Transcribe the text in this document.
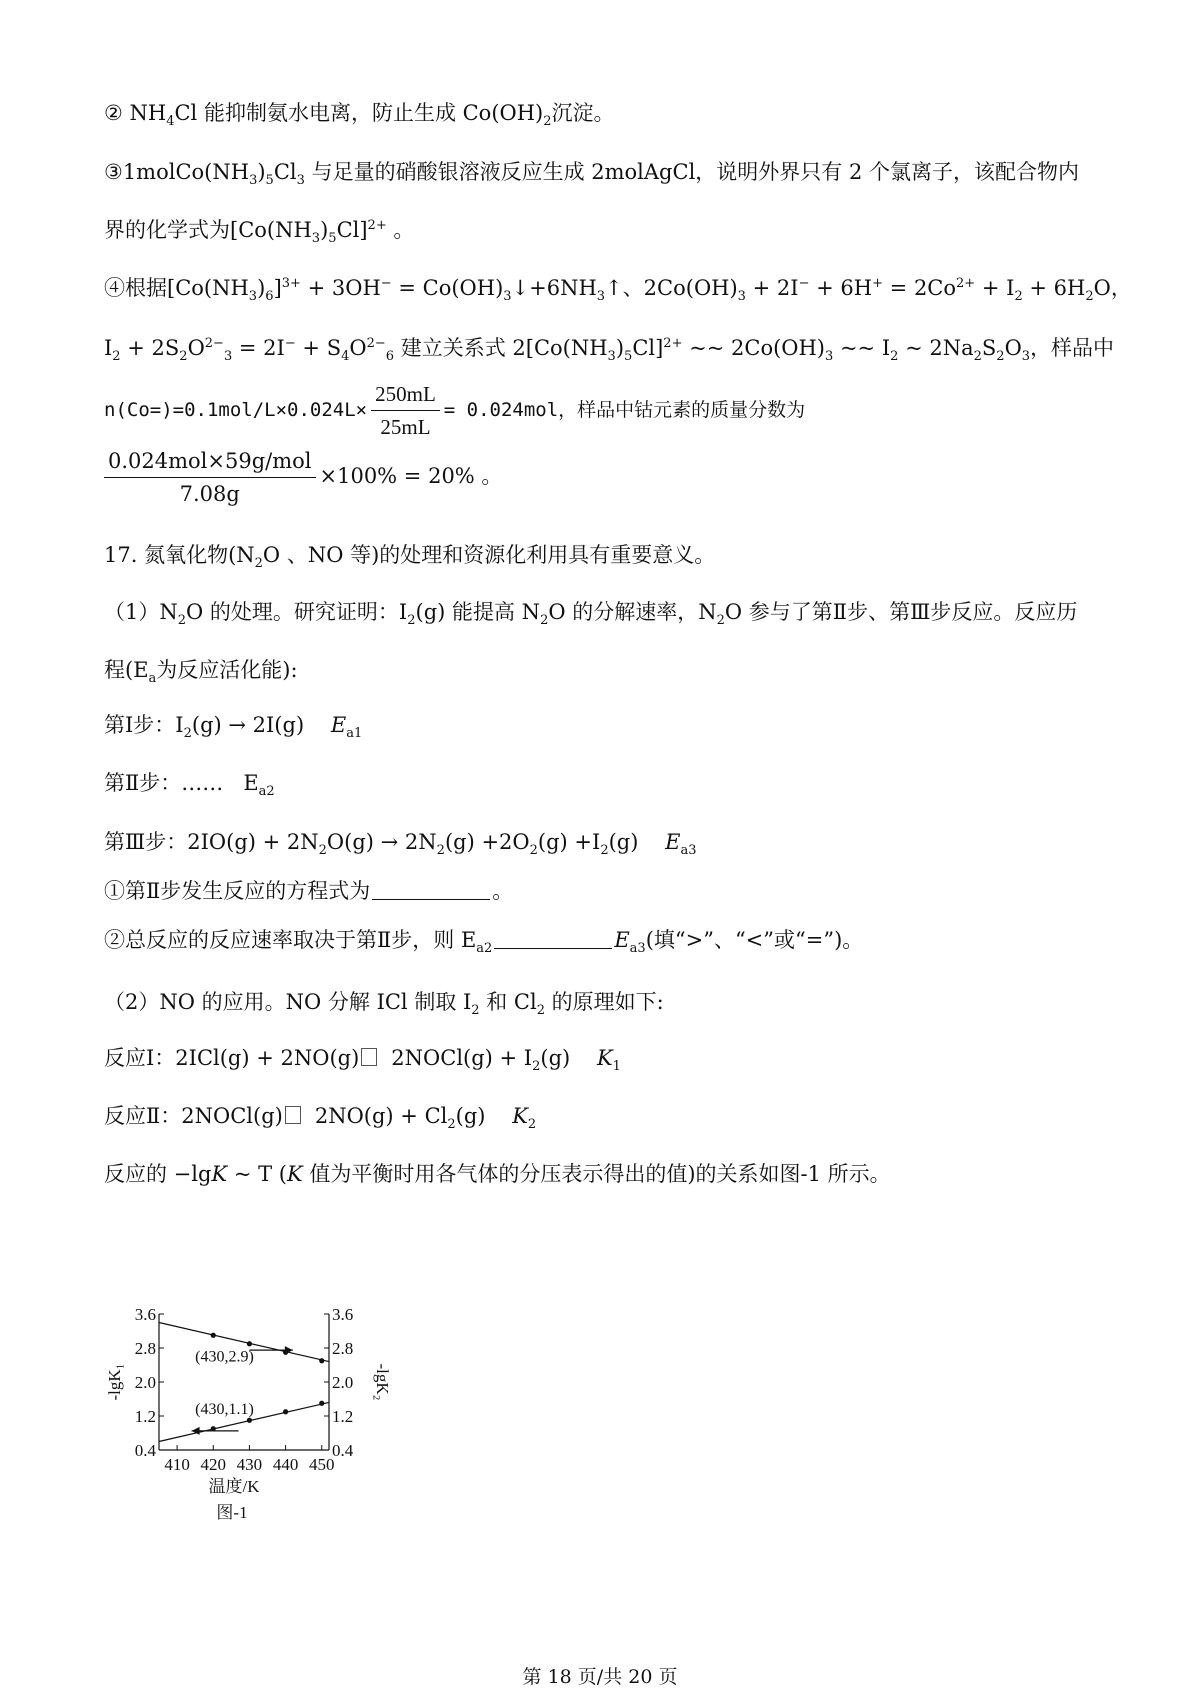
② $NH_4Cl$ 能抑制氨水电离，防止生成 $Co(OH)_2$沉淀。
$③1molCo(NH_3)_5Cl_3$ 与足量的硝酸银溶液反应生成 2molAgCl，说明外界只有 2 个氯离子，该配合物内
界的化学式为$[Co(NH_3)_5Cl]^{2+}$ 。
④根据$[Co(NH_3)_6]^{3+} + 3OH^-$ = $Co(OH)_3↓+6NH_3↑$、$2Co(OH)_3 + 2I^- + 6H^+ = 2Co^{2+} + I_2 + 6H_2O$，
$I_2 + 2S_2O^{2-}_3 = 2I^- + S_4O^{2-}_6$ 建立关系式 $2[Co(NH_3)_5Cl]^{2+}$ ~~ $2Co(OH)_3$ ~~ $I_2$ ~ $2Na_2S_2O_3$，样品中
$n(Co=)=0.1mol/L\times 0.024L\times \frac{250mL}{25mL} = 0.024mol$，样品中钴元素的质量分数为
$\frac{\text{0.024mol×59g/mol}}{7.08g} \times 100\% = 20\%$ 。
17. 氮氧化物($N_2O$ 、NO 等)的处理和资源化利用具有重要意义。
$(1)N_2O$ 的处理。研究证明：$I_2(g)$ 能提高 $N_2O$ 的分解速率，$N_2O$ 参与了第Ⅱ步、第Ⅲ步反应。反应历
程($E_a$为反应活化能):
第Ⅰ步：$I_2(g) \to 2I(g)$ $E_{a1}$
第Ⅱ步：…… $E_{a2}$
第Ⅲ步：$2IO(g) + 2N_2O(g) \to 2N_2(g) +2O_2(g) +I_2(g)$ $E_{a3}$
①第Ⅱ步发生反应的方程式为	。
②总反应的反应速率取决于第Ⅱ步，则 $E_{a2}$	$E_{a3}$(填“>”、“<”或“=”)。
（2）NO 的应用。NO 分解 ICl 制取 $I_2$ 和 $Cl_2$ 的原理如下:
反应Ⅰ：2ICl(g) + 2NO(g) 2NOCl(g) + $I_2(g)$ $K_1$
反应Ⅱ：2NOCl(g) $2NO(g) + Cl_2(g)$ $K_2$
反应的 −lgK ~ T (K 值为平衡时用各气体的分压表示得出的值)的关系如图-1 所示。
0.4	0.4
1.2	1.2
2.0	2.0
2.8	2.8
3.6	3.6
410 420 430 440 450
(430,2.9)
(430,1.1)
-lgK₁	-lgK₂
温度/K
图-1
第 18 页/共 20 页
